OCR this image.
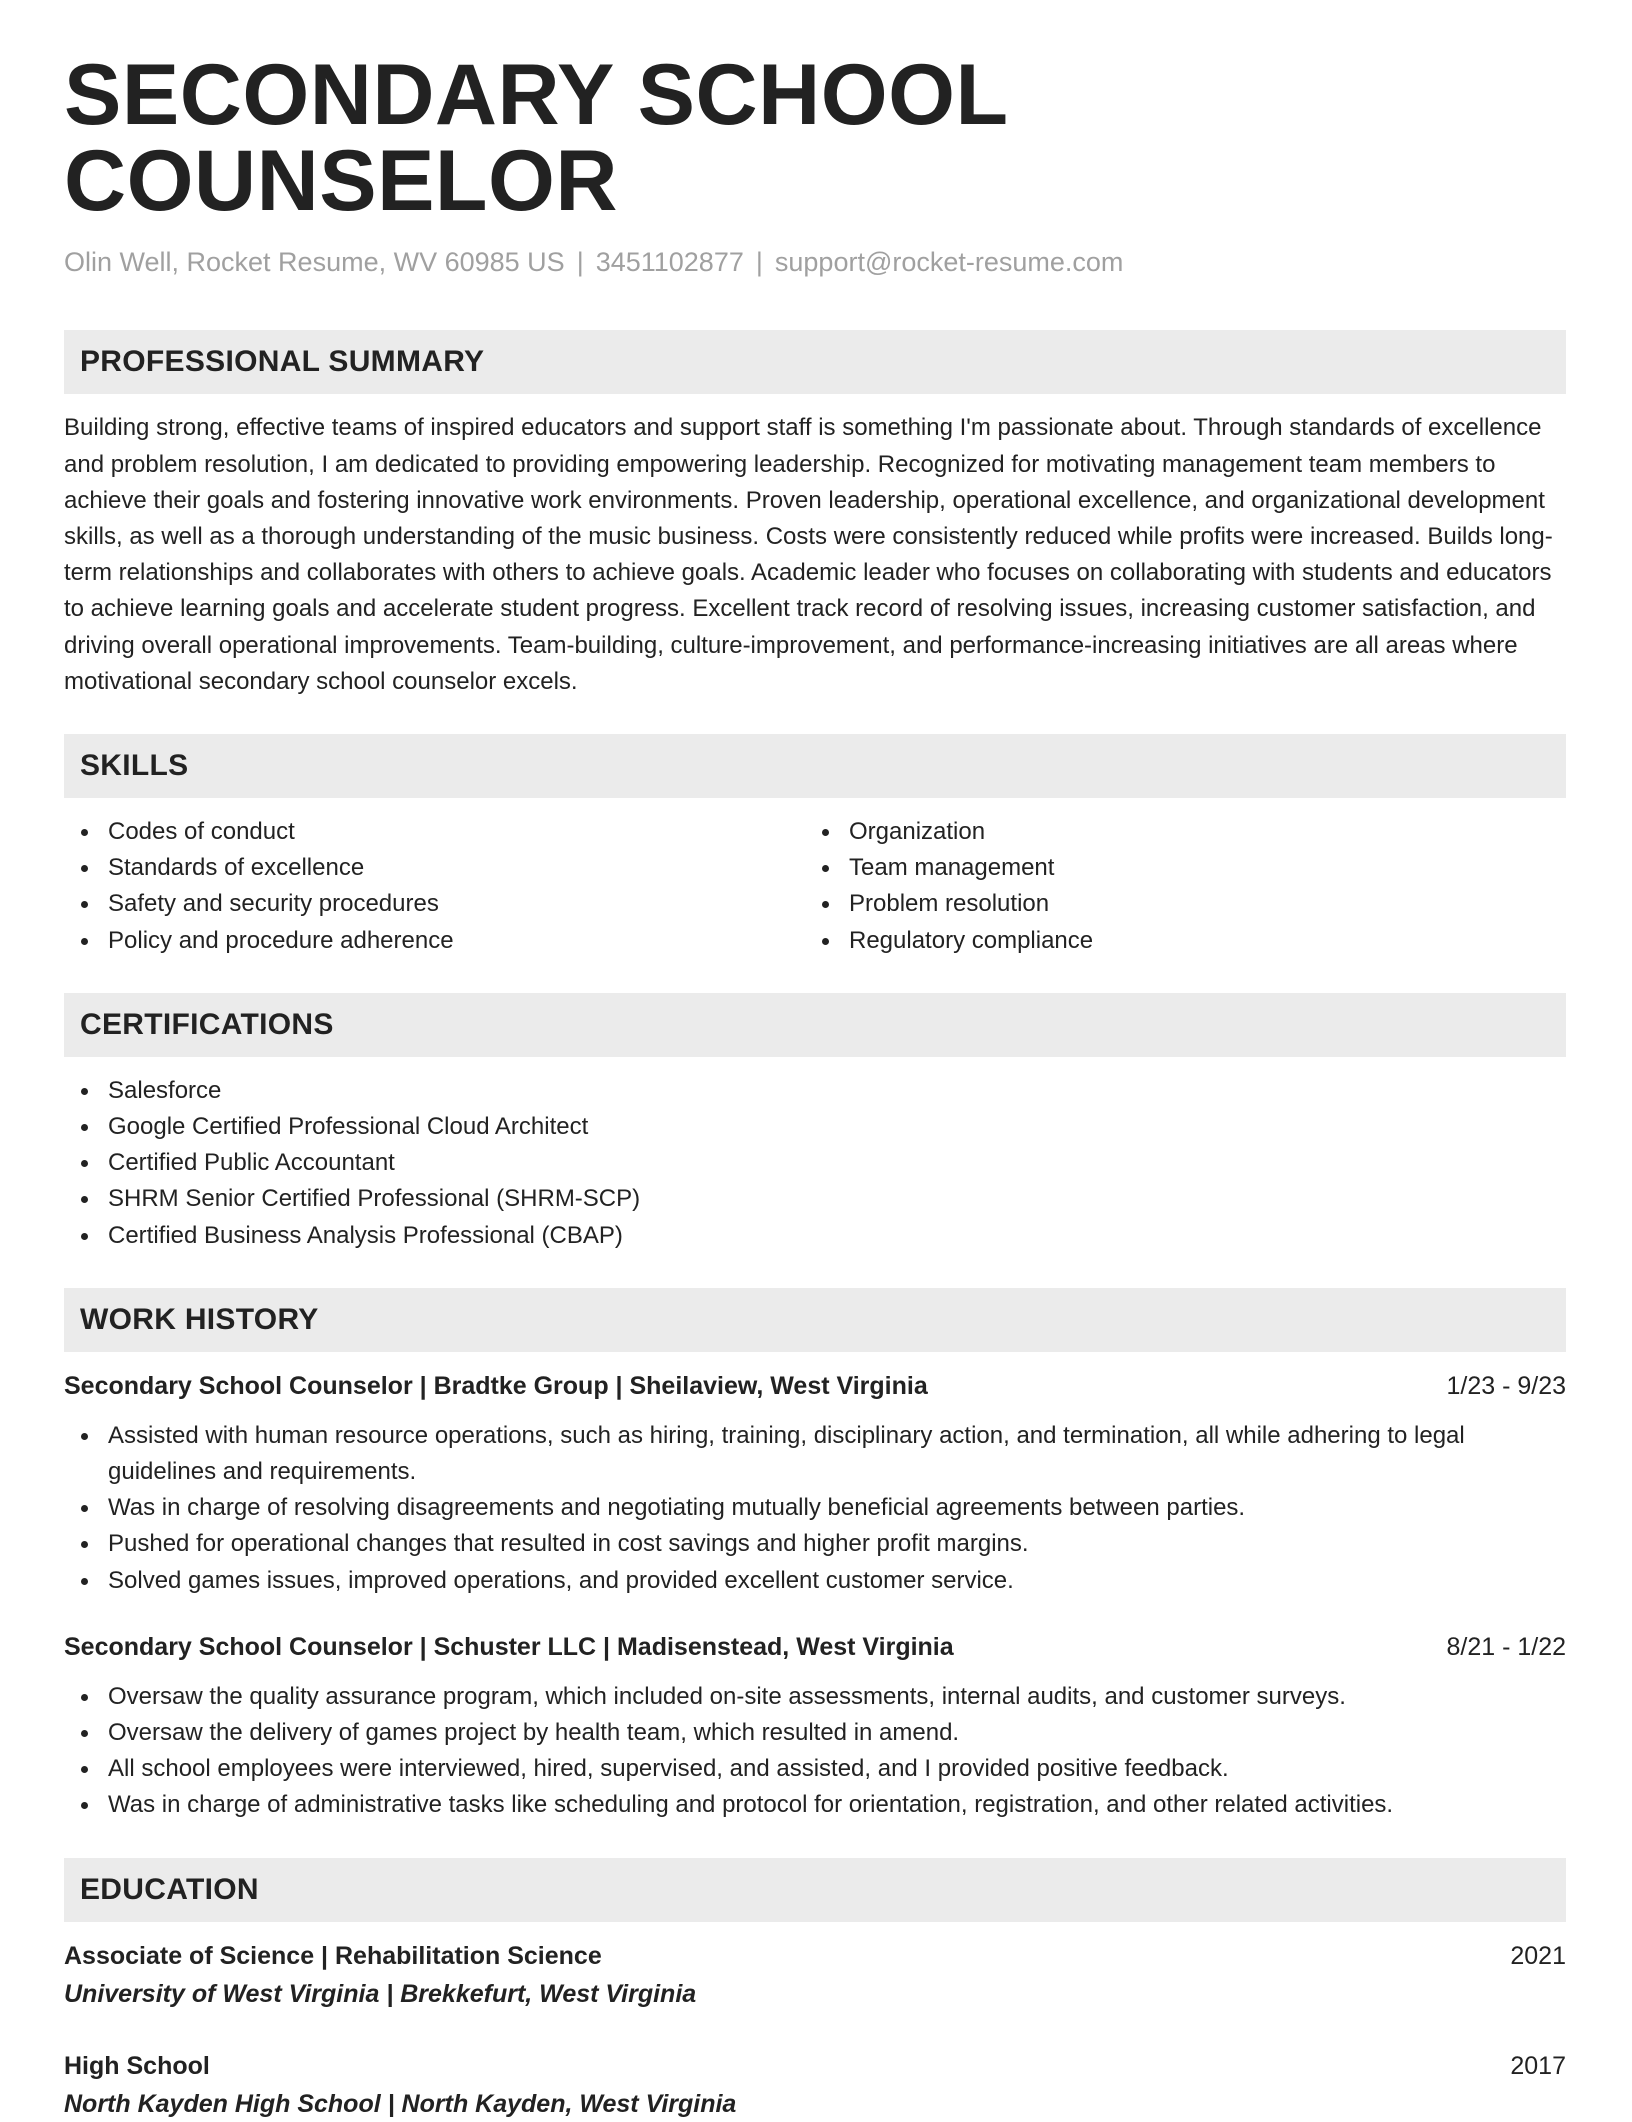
SECONDARY SCHOOL COUNSELOR
Olin Well, Rocket Resume, WV 60985 US | 3451102877 | support@rocket-resume.com
PROFESSIONAL SUMMARY

Building strong, effective teams of inspired educators and support staff is something I'm passionate about. Through standards of excellence and problem resolution, I am dedicated to providing empowering leadership. Recognized for motivating management team members to achieve their goals and fostering innovative work environments. Proven leadership, operational excellence, and organizational development skills, as well as a thorough understanding of the music business. Costs were consistently reduced while profits were increased. Builds long-term relationships and collaborates with others to achieve goals. Academic leader who focuses on collaborating with students and educators to achieve learning goals and accelerate student progress. Excellent track record of resolving issues, increasing customer satisfaction, and driving overall operational improvements. Team-building, culture-improvement, and performance-increasing initiatives are all areas where motivational secondary school counselor excels.

SKILLS
Codes of conduct
Standards of excellence
Safety and security procedures
Policy and procedure adherence
Organization
Team management
Problem resolution
Regulatory compliance
CERTIFICATIONS
Salesforce
Google Certified Professional Cloud Architect
Certified Public Accountant
SHRM Senior Certified Professional (SHRM-SCP)
Certified Business Analysis Professional (CBAP)
WORK HISTORY
Secondary School Counselor | Bradtke Group | Sheilaview, West Virginia	1/23 - 9/23
Assisted with human resource operations, such as hiring, training, disciplinary action, and termination, all while adhering to legal guidelines and requirements.
Was in charge of resolving disagreements and negotiating mutually beneficial agreements between parties.
Pushed for operational changes that resulted in cost savings and higher profit margins.
Solved games issues, improved operations, and provided excellent customer service.
Secondary School Counselor | Schuster LLC | Madisenstead, West Virginia	8/21 - 1/22
Oversaw the quality assurance program, which included on-site assessments, internal audits, and customer surveys.
Oversaw the delivery of games project by health team, which resulted in amend.
All school employees were interviewed, hired, supervised, and assisted, and I provided positive feedback.
Was in charge of administrative tasks like scheduling and protocol for orientation, registration, and other related activities.
EDUCATION
Associate of Science | Rehabilitation Science	2021
University of West Virginia | Brekkefurt, West Virginia
High School	2017
North Kayden High School | North Kayden, West Virginia
